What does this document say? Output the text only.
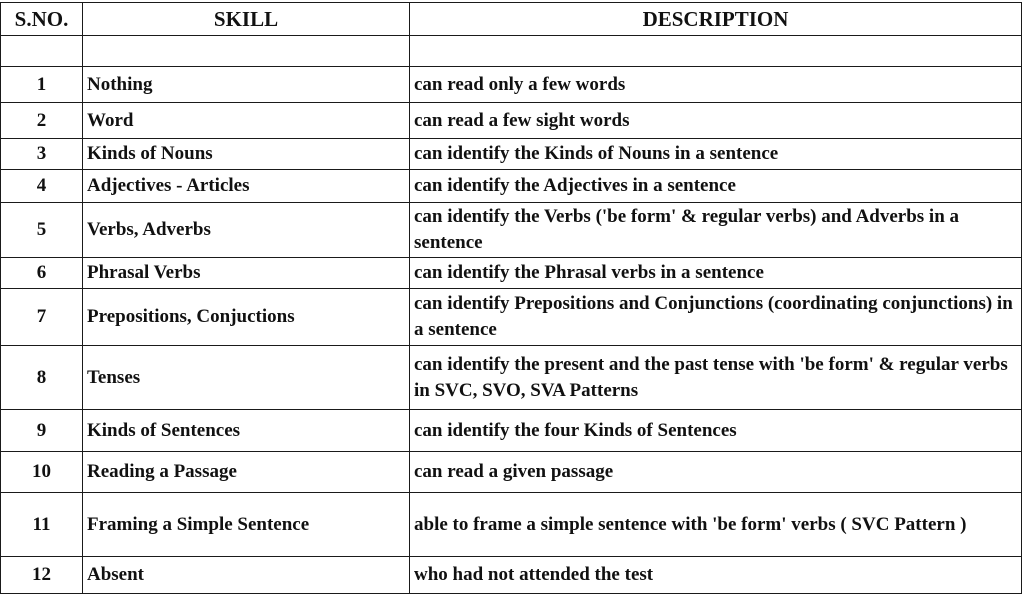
S.NO.	SKILL	DESCRIPTION

1	Nothing	can read only a few words
2	Word	can read a few sight words
3	Kinds of Nouns	can identify the Kinds of Nouns in a sentence
4	Adjectives - Articles	can identify the Adjectives in a sentence
5	Verbs, Adverbs	can identify the Verbs ('be form' & regular verbs) and Adverbs in a sentence
6	Phrasal Verbs	can identify the Phrasal verbs in a sentence
7	Prepositions, Conjuctions	can identify Prepositions and Conjunctions (coordinating conjunctions) in a sentence
8	Tenses	can identify the present and the past tense with 'be form' & regular verbs in SVC, SVO, SVA Patterns
9	Kinds of Sentences	can identify the four Kinds of Sentences
10	Reading a Passage	can read a given passage
11	Framing a Simple Sentence	able to frame a simple sentence with 'be form' verbs ( SVC Pattern )
12	Absent	who had not attended the test
